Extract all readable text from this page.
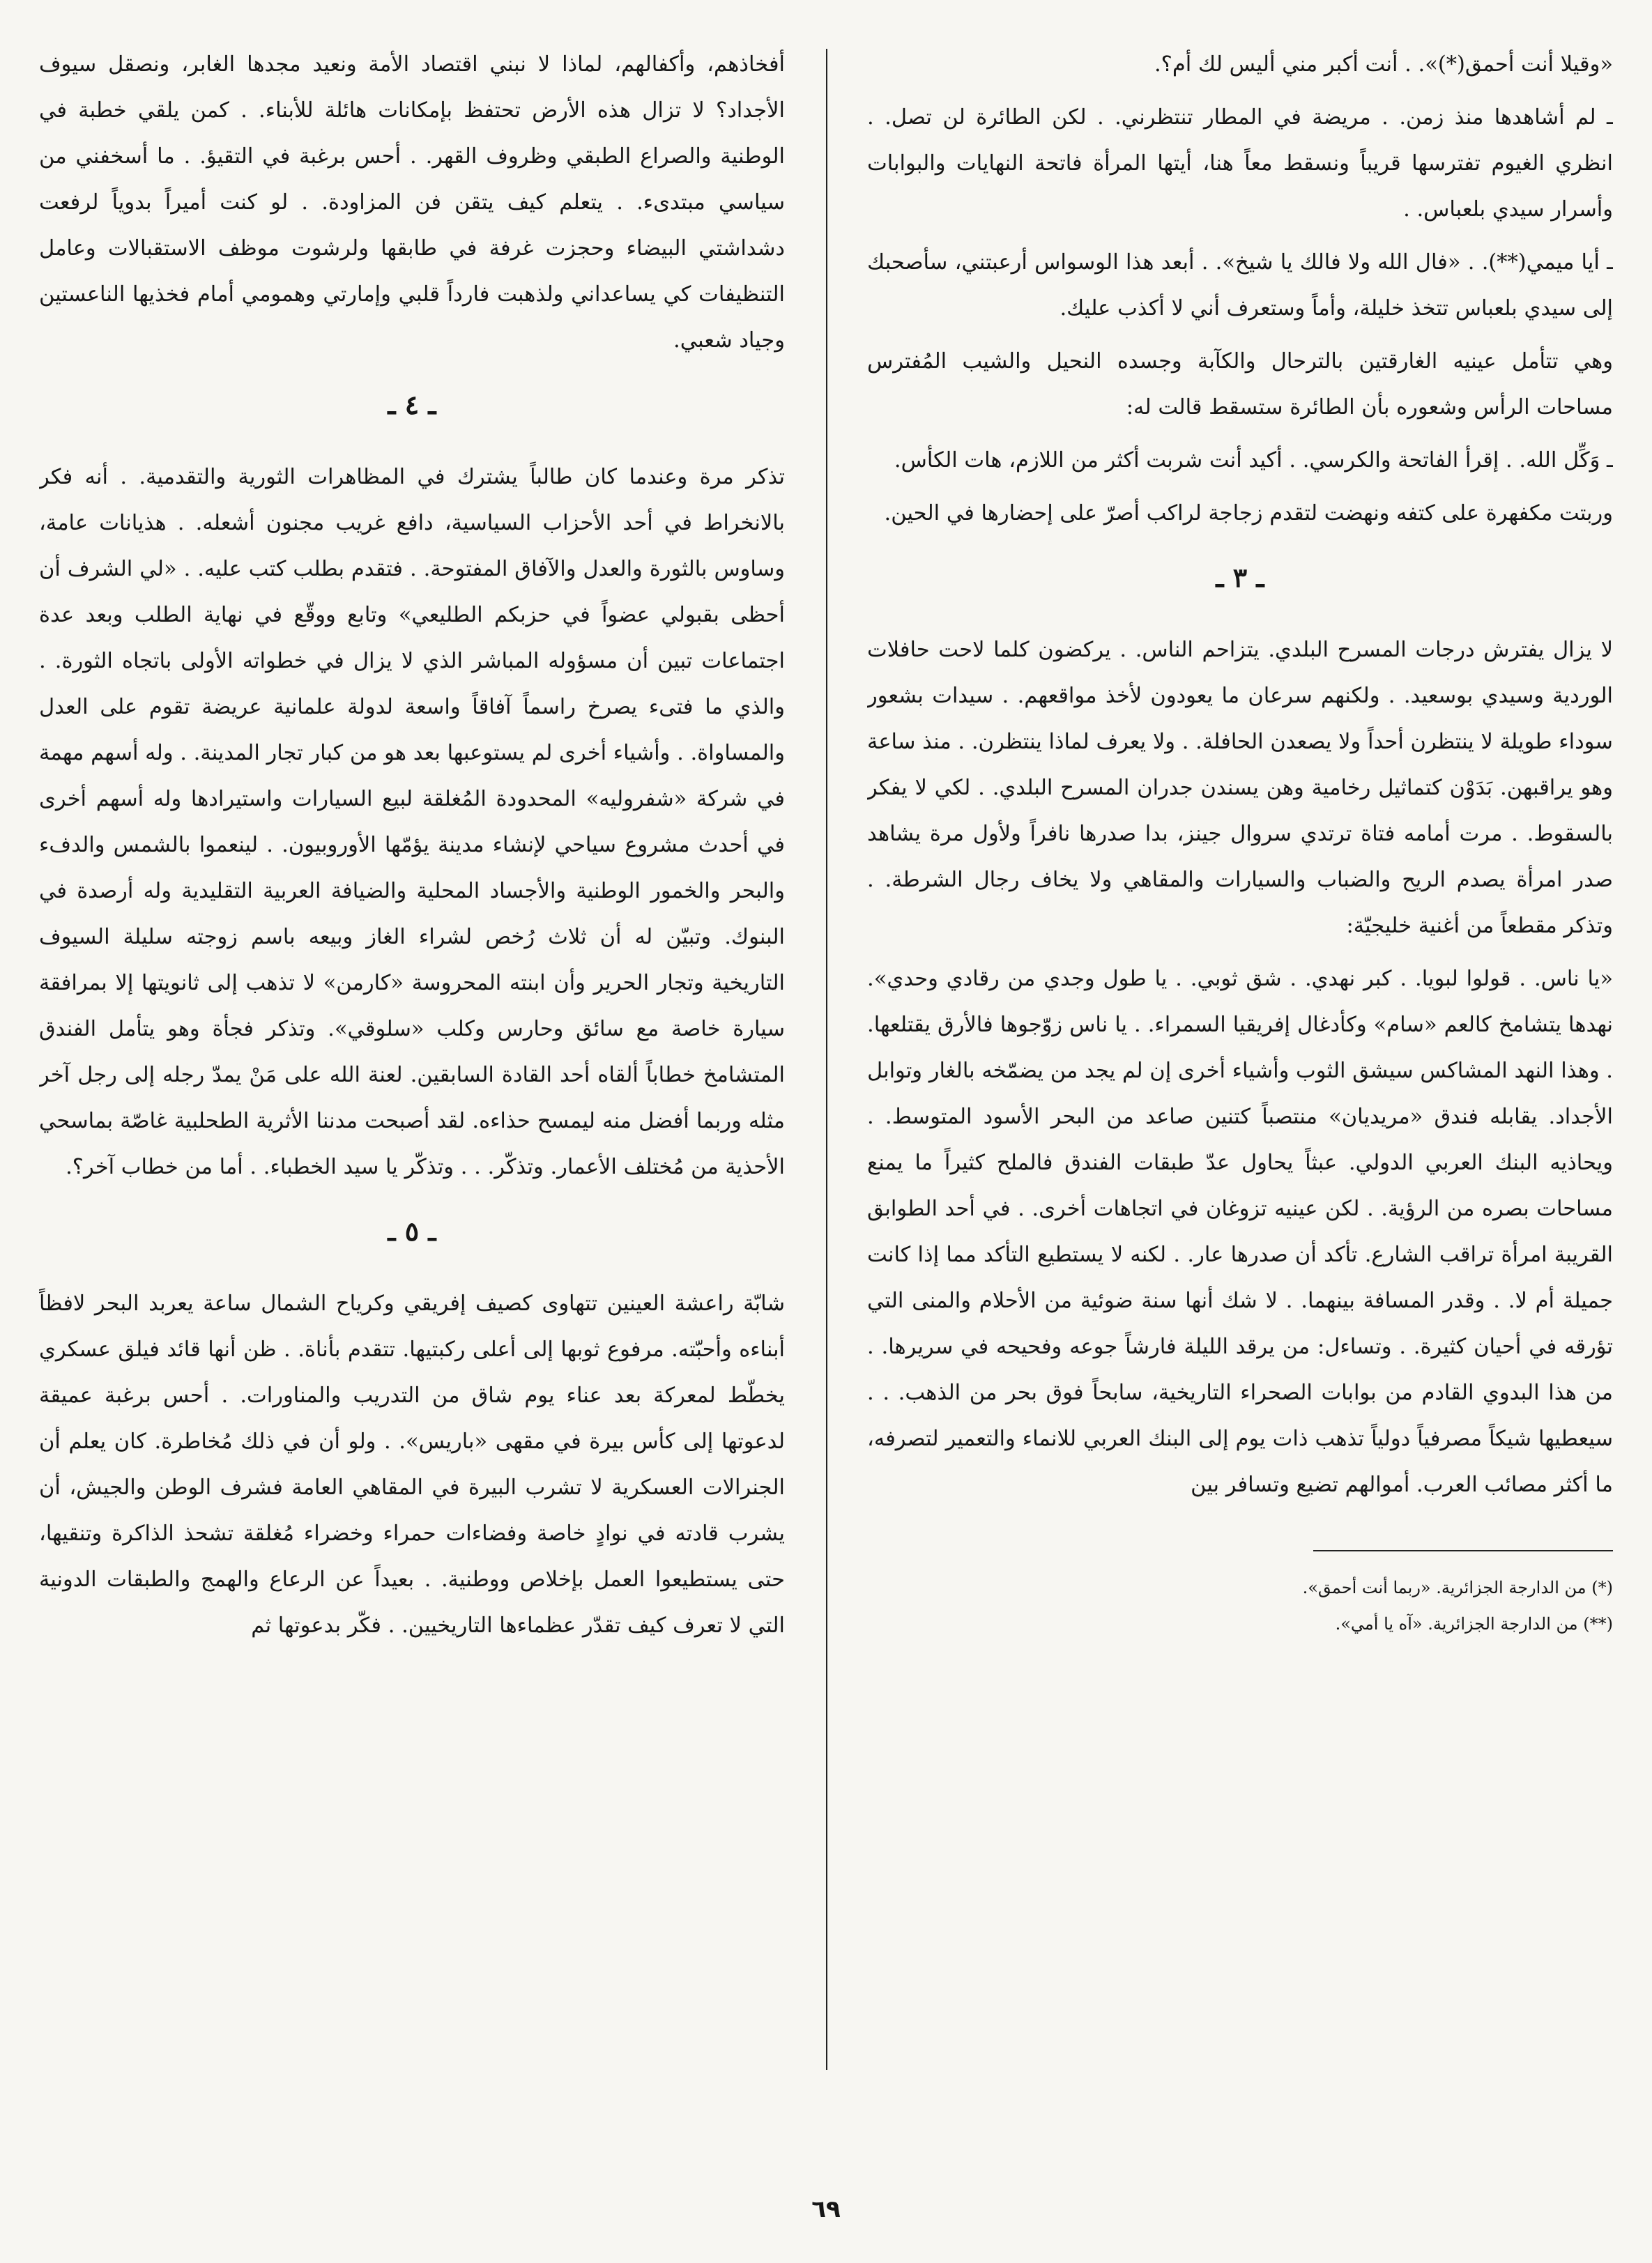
«وقيلا أنت أحمق(*)». . أنت أكبر مني أليس لك أم؟.

ـ لم أشاهدها منذ زمن. . مريضة في المطار تنتظرني. . لكن الطائرة لن تصل. . انظري الغيوم تفترسها قريباً ونسقط معاً هنا، أيتها المرأة فاتحة النهايات والبوابات وأسرار سيدي بلعباس. .

ـ أيا ميمي(**). . «فال الله ولا فالك يا شيخ». . أبعد هذا الوسواس أرعبتني، سأصحبك إلى سيدي بلعباس تتخذ خليلة، وأماً وستعرف أني لا أكذب عليك.

وهي تتأمل عينيه الغارقتين بالترحال والكآبة وجسده النحيل والشيب المُفترس مساحات الرأس وشعوره بأن الطائرة ستسقط قالت له:

ـ وَكِّل الله. . إقرأ الفاتحة والكرسي. . أكيد أنت شربت أكثر من اللازم، هات الكأس.

وربتت مكفهرة على كتفه ونهضت لتقدم زجاجة لراكب أصرّ على إحضارها في الحين.

ـ ٣ ـ

لا يزال يفترش درجات المسرح البلدي. يتزاحم الناس. . يركضون كلما لاحت حافلات الوردية وسيدي بوسعيد. . ولكنهم سرعان ما يعودون لأخذ مواقعهم. . سيدات بشعور سوداء طويلة لا ينتظرن أحداً ولا يصعدن الحافلة. . ولا يعرف لماذا ينتظرن. . منذ ساعة وهو يراقبهن. بَدَوْن كتماثيل رخامية وهن يسندن جدران المسرح البلدي. . لكي لا يفكر بالسقوط. . مرت أمامه فتاة ترتدي سروال جينز، بدا صدرها نافراً ولأول مرة يشاهد صدر امرأة يصدم الريح والضباب والسيارات والمقاهي ولا يخاف رجال الشرطة. . وتذكر مقطعاً من أغنية خليجيّة:

«يا ناس. . قولوا لبويا. . كبر نهدي. . شق ثوبي. . يا طول وجدي من رقادي وحدي». نهدها يتشامخ كالعم «سام» وكأدغال إفريقيا السمراء. . يا ناس زوّجوها فالأرق يقتلعها. . وهذا النهد المشاكس سيشق الثوب وأشياء أخرى إن لم يجد من يضمّخه بالغار وتوابل الأجداد. يقابله فندق «مريديان» منتصباً كتنين صاعد من البحر الأسود المتوسط. . ويحاذيه البنك العربي الدولي. عبثاً يحاول عدّ طبقات الفندق فالملح كثيراً ما يمنع مساحات بصره من الرؤية. . لكن عينيه تزوغان في اتجاهات أخرى. . في أحد الطوابق القريبة امرأة تراقب الشارع. تأكد أن صدرها عار. . لكنه لا يستطيع التأكد مما إذا كانت جميلة أم لا. . وقدر المسافة بينهما. . لا شك أنها سنة ضوئية من الأحلام والمنى التي تؤرقه في أحيان كثيرة. . وتساءل: من يرقد الليلة فارشاً جوعه وفحيحه في سريرها. . من هذا البدوي القادم من بوابات الصحراء التاريخية، سابحاً فوق بحر من الذهب. . . سيعطيها شيكاً مصرفياً دولياً تذهب ذات يوم إلى البنك العربي للانماء والتعمير لتصرفه، ما أكثر مصائب العرب. أموالهم تضيع وتسافر بين

(*) من الدارجة الجزائرية. «ربما أنت أحمق».

(**) من الدارجة الجزائرية. «آه يا أمي».

أفخاذهم، وأكفالهم، لماذا لا نبني اقتصاد الأمة ونعيد مجدها الغابر، ونصقل سيوف الأجداد؟ لا تزال هذه الأرض تحتفظ بإمكانات هائلة للأبناء. . كمن يلقي خطبة في الوطنية والصراع الطبقي وظروف القهر. . أحس برغبة في التقيؤ. . ما أسخفني من سياسي مبتدىء. . يتعلم كيف يتقن فن المزاودة. . لو كنت أميراً بدوياً لرفعت دشداشتي البيضاء وحجزت غرفة في طابقها ولرشوت موظف الاستقبالات وعامل التنظيفات كي يساعداني ولذهبت فارداً قلبي وإمارتي وهمومي أمام فخذيها الناعستين وجياد شعبي.

ـ ٤ ـ

تذكر مرة وعندما كان طالباً يشترك في المظاهرات الثورية والتقدمية. . أنه فكر بالانخراط في أحد الأحزاب السياسية، دافع غريب مجنون أشعله. . هذيانات عامة، وساوس بالثورة والعدل والآفاق المفتوحة. . فتقدم بطلب كتب عليه. . «لي الشرف أن أحظى بقبولي عضواً في حزبكم الطليعي» وتابع ووقّع في نهاية الطلب وبعد عدة اجتماعات تبين أن مسؤوله المباشر الذي لا يزال في خطواته الأولى باتجاه الثورة. . والذي ما فتىء يصرخ راسماً آفاقاً واسعة لدولة علمانية عريضة تقوم على العدل والمساواة. . وأشياء أخرى لم يستوعبها بعد هو من كبار تجار المدينة. . وله أسهم مهمة في شركة «شفروليه» المحدودة المُغلقة لبيع السيارات واستيرادها وله أسهم أخرى في أحدث مشروع سياحي لإنشاء مدينة يؤمّها الأوروبيون. . لينعموا بالشمس والدفء والبحر والخمور الوطنية والأجساد المحلية والضيافة العربية التقليدية وله أرصدة في البنوك. وتبيّن له أن ثلاث رُخص لشراء الغاز وبيعه باسم زوجته سليلة السيوف التاريخية وتجار الحرير وأن ابنته المحروسة «كارمن» لا تذهب إلى ثانويتها إلا بمرافقة سيارة خاصة مع سائق وحارس وكلب «سلوقي». وتذكر فجأة وهو يتأمل الفندق المتشامخ خطاباً ألقاه أحد القادة السابقين. لعنة الله على مَنْ يمدّ رجله إلى رجل آخر مثله وربما أفضل منه ليمسح حذاءه. لقد أصبحت مدننا الأثرية الطحلبية غاصّة بماسحي الأحذية من مُختلف الأعمار. وتذكّر. . . وتذكّر يا سيد الخطباء. . أما من خطاب آخر؟.

ـ ٥ ـ

شابّة راعشة العينين تتهاوى كصيف إفريقي وكرياح الشمال ساعة يعربد البحر لافظاً أبناءه وأحبّته. مرفوع ثوبها إلى أعلى ركبتيها. تتقدم بأناة. . ظن أنها قائد فيلق عسكري يخطّط لمعركة بعد عناء يوم شاق من التدريب والمناورات. . أحس برغبة عميقة لدعوتها إلى كأس بيرة في مقهى «باريس». . ولو أن في ذلك مُخاطرة. كان يعلم أن الجنرالات العسكرية لا تشرب البيرة في المقاهي العامة فشرف الوطن والجيش، أن يشرب قادته في نوادٍ خاصة وفضاءات حمراء وخضراء مُغلقة تشحذ الذاكرة وتنقيها، حتى يستطيعوا العمل بإخلاص ووطنية. . بعيداً عن الرعاع والهمج والطبقات الدونية التي لا تعرف كيف تقدّر عظماءها التاريخيين. . فكّر بدعوتها ثم

٦٩
